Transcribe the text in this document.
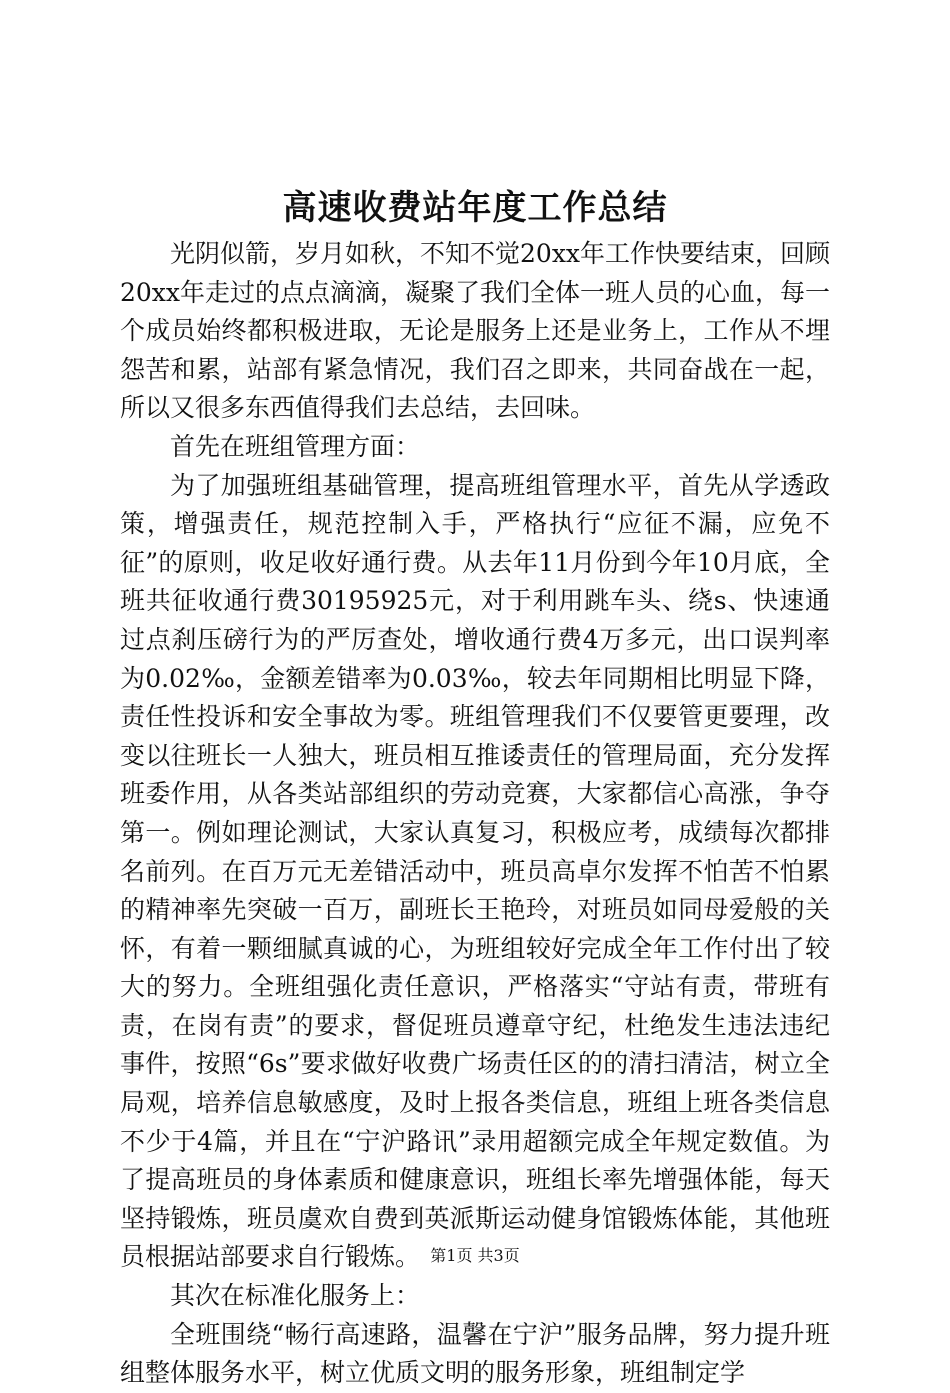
高速收费站年度工作总结

光阴似箭，岁月如秋，不知不觉20xx年工作快要结束，回顾20xx年走过的点点滴滴，凝聚了我们全体一班人员的心血，每一个成员始终都积极进取，无论是服务上还是业务上，工作从不埋怨苦和累，站部有紧急情况，我们召之即来，共同奋战在一起，所以又很多东西值得我们去总结，去回味。

首先在班组管理方面：

为了加强班组基础管理，提高班组管理水平，首先从学透政策，增强责任，规范控制入手，严格执行“应征不漏，应免不征”的原则，收足收好通行费。从去年11月份到今年10月底，全班共征收通行费30195925元，对于利用跳车头、绕s、快速通过点刹压磅行为的严厉查处，增收通行费4万多元，出口误判率为0.02‰，金额差错率为0.03‰，较去年同期相比明显下降，责任性投诉和安全事故为零。班组管理我们不仅要管更要理，改变以往班长一人独大，班员相互推诿责任的管理局面，充分发挥班委作用，从各类站部组织的劳动竞赛，大家都信心高涨，争夺第一。例如理论测试，大家认真复习，积极应考，成绩每次都排名前列。在百万元无差错活动中，班员高卓尔发挥不怕苦不怕累的精神率先突破一百万，副班长王艳玲，对班员如同母爱般的关怀，有着一颗细腻真诚的心，为班组较好完成全年工作付出了较大的努力。全班组强化责任意识，严格落实“守站有责，带班有责，在岗有责”的要求，督促班员遵章守纪，杜绝发生违法违纪事件，按照“6s”要求做好收费广场责任区的的清扫清洁，树立全局观，培养信息敏感度，及时上报各类信息，班组上班各类信息不少于4篇，并且在“宁沪路讯”录用超额完成全年规定数值。为了提高班员的身体素质和健康意识，班组长率先增强体能，每天坚持锻炼，班员虞欢自费到英派斯运动健身馆锻炼体能，其他班员根据站部要求自行锻炼。

其次在标准化服务上：

全班围绕“畅行高速路，温馨在宁沪”服务品牌，努力提升班组整体服务水平，树立优质文明的服务形象，班组制定学

第1页 共3页
